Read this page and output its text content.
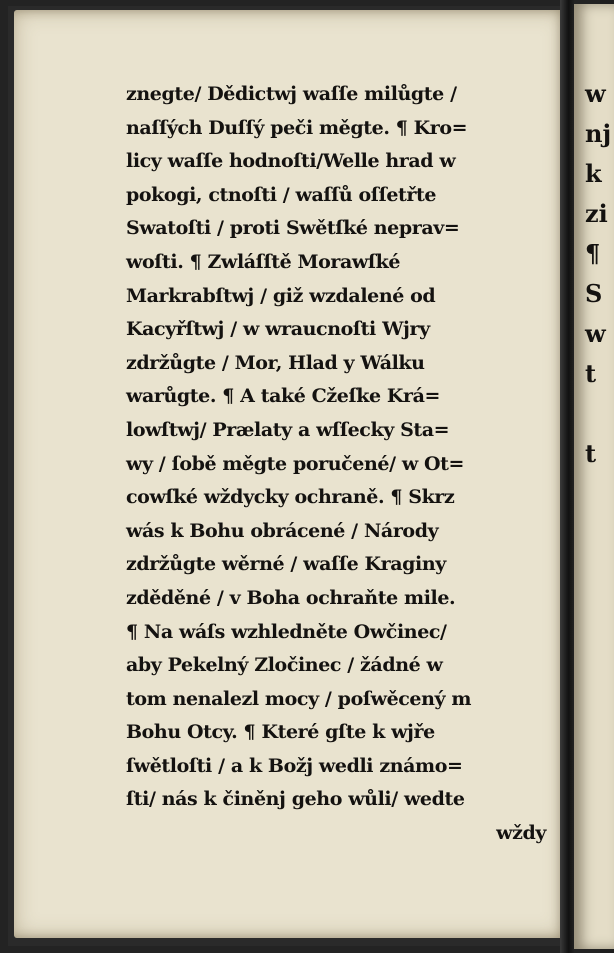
w
nj
k
zi
¶
S
w
t
t
znegte/ Dědictwj waſſe milůgte /
naſſých Duſſý peči měgte. ¶ Kro=
licy waſſe hodnoſti/Welle hrad w
pokogi, ctnoſti / waſſů oſſetřte
Swatoſti / proti Swětſké neprav=
woſti. ¶ Zwláſſtě Morawſké
Markrabſtwj / giž wzdalené od
Kacyřſtwj / w wraucnoſti Wjry
zdržůgte / Mor, Hlad y Wálku
warůgte. ¶ A také Cžeſke Krá=
lowſtwj/ Prælaty a wſſecky Sta=
wy / ſobě měgte poručené/ w Ot=
cowſké wždycky ochraně. ¶ Skrz
wás k Bohu obrácené / Národy
zdržůgte wěrné / waſſe Kraginy
zděděné / v Boha ochraňte mile.
¶ Na wáſs wzhledněte Owčinec/
aby Pekelný Zločinec / žádné w
tom nenalezl mocy / poſwěcený m
Bohu Otcy. ¶ Které gſte k wjře
ſwětloſti / a k Božj wedli známo=
ſti/ nás k činěnj geho wůli/ wedte
wždy
